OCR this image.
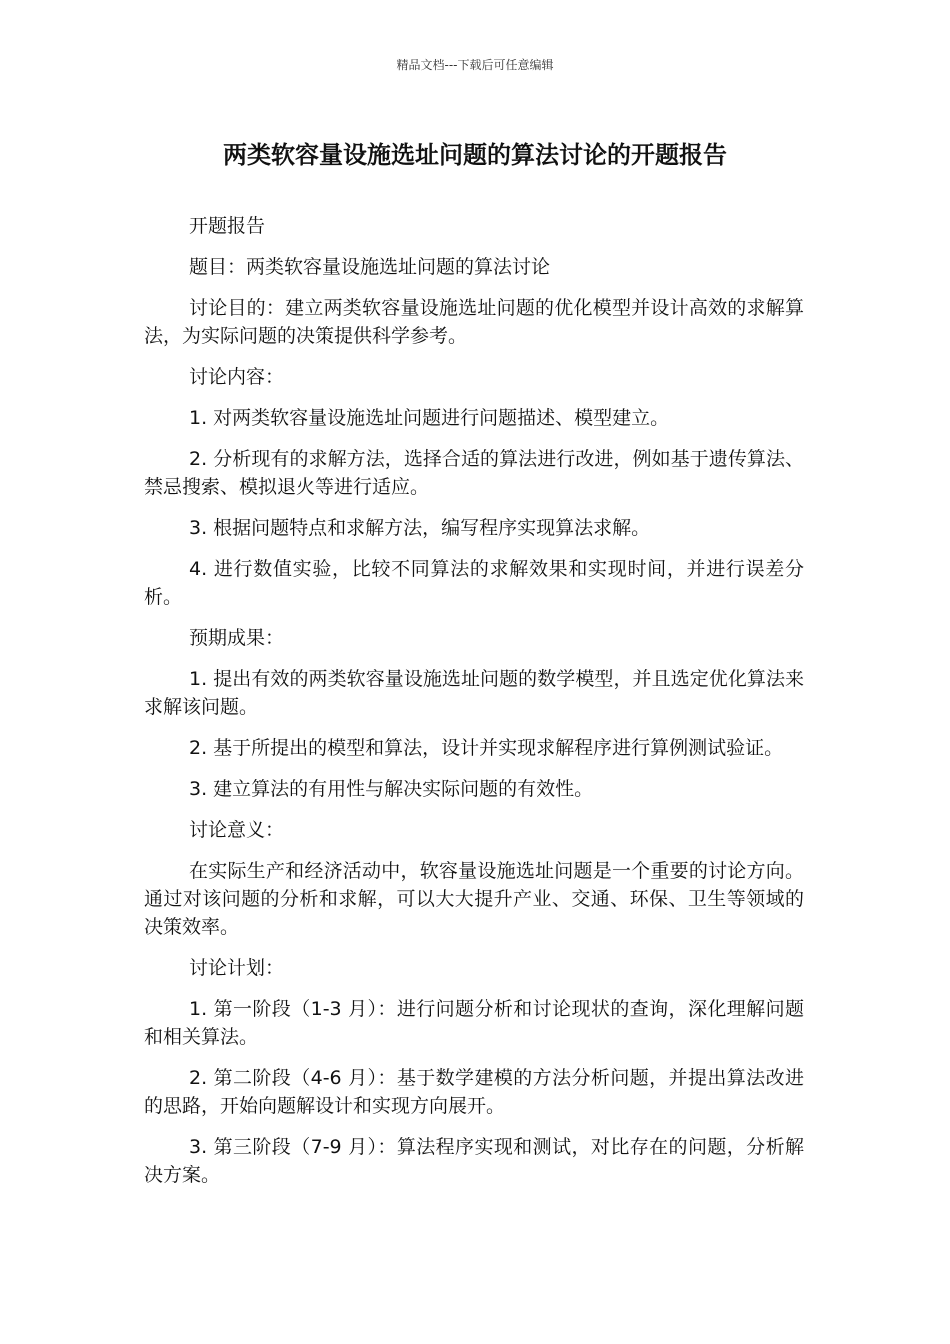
精品文档---下载后可任意编辑
两类软容量设施选址问题的算法讨论的开题报告

开题报告

题目：两类软容量设施选址问题的算法讨论

讨论目的：建立两类软容量设施选址问题的优化模型并设计高效的求解算法，为实际问题的决策提供科学参考。

讨论内容：

1. 对两类软容量设施选址问题进行问题描述、模型建立。

2. 分析现有的求解方法，选择合适的算法进行改进，例如基于遗传算法、禁忌搜索、模拟退火等进行适应。

3. 根据问题特点和求解方法，编写程序实现算法求解。

4. 进行数值实验，比较不同算法的求解效果和实现时间，并进行误差分析。

预期成果：

1. 提出有效的两类软容量设施选址问题的数学模型，并且选定优化算法来求解该问题。

2. 基于所提出的模型和算法，设计并实现求解程序进行算例测试验证。

3. 建立算法的有用性与解决实际问题的有效性。

讨论意义：

在实际生产和经济活动中，软容量设施选址问题是一个重要的讨论方向。通过对该问题的分析和求解，可以大大提升产业、交通、环保、卫生等领域的决策效率。

讨论计划：

1. 第一阶段（1-3 月）：进行问题分析和讨论现状的查询，深化理解问题和相关算法。

2. 第二阶段（4-6 月）：基于数学建模的方法分析问题，并提出算法改进的思路，开始向题解设计和实现方向展开。

3. 第三阶段（7-9 月）：算法程序实现和测试，对比存在的问题，分析解决方案。
